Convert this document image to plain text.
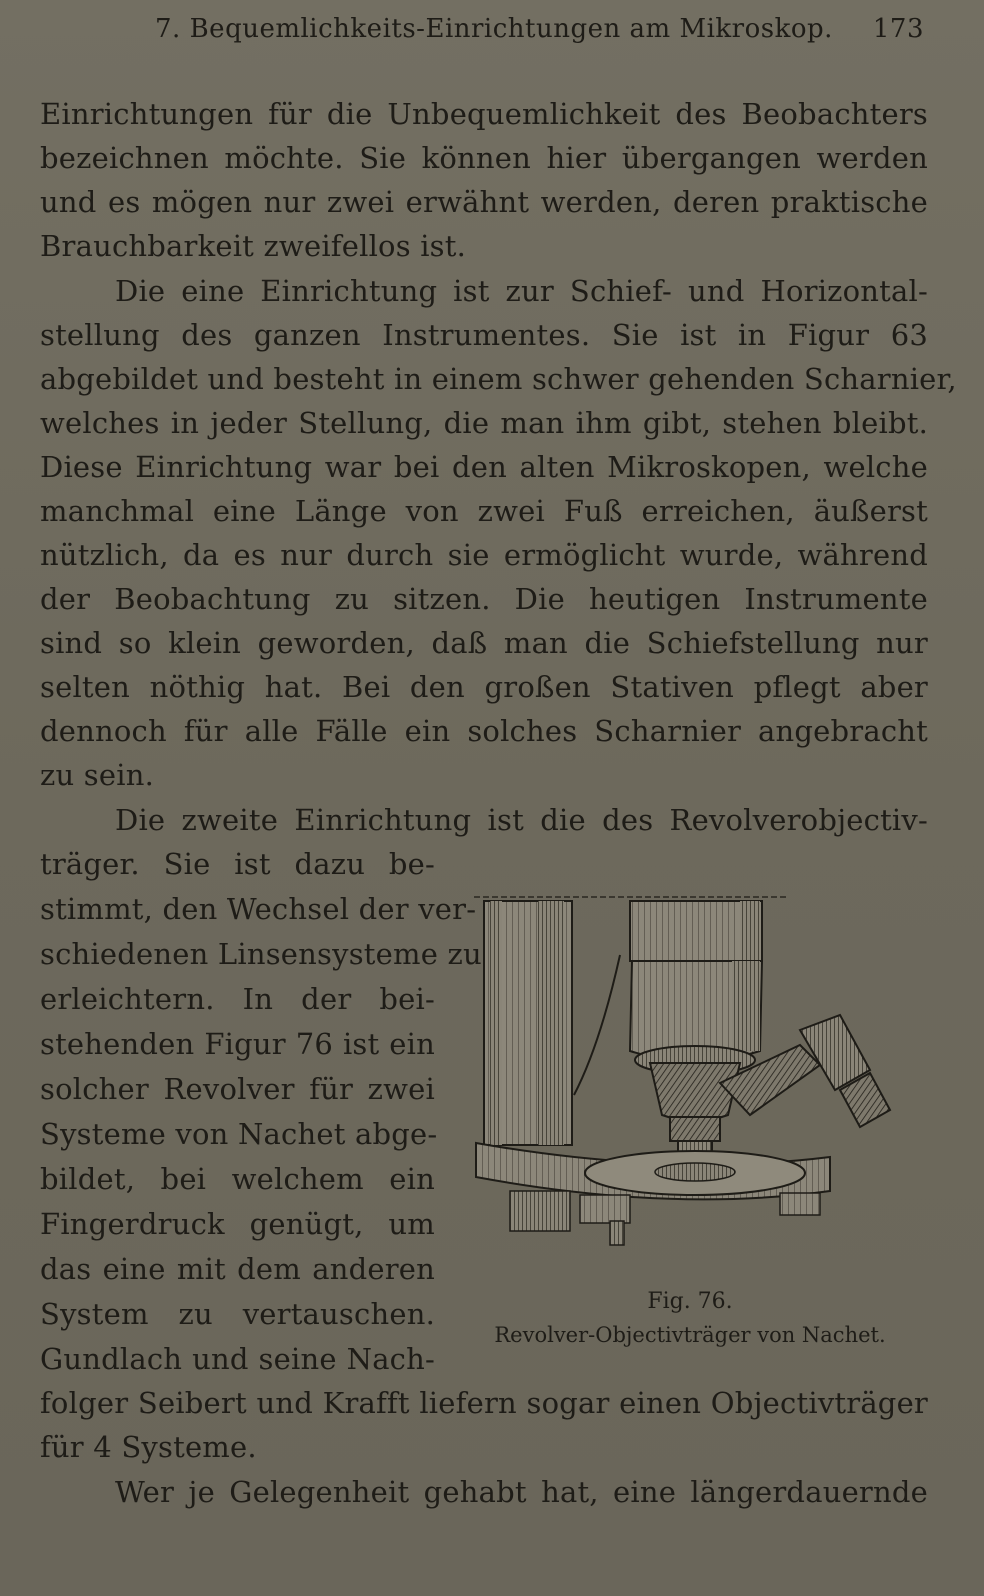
7. Bequemlichkeits-Einrichtungen am Mikroskop. 173
Einrichtungen für die Unbequemlichkeit des Beobachters
bezeichnen möchte. Sie können hier übergangen werden
und es mögen nur zwei erwähnt werden, deren praktische
Brauchbarkeit zweifellos ist.
Die eine Einrichtung ist zur Schief- und Horizontal-
stellung des ganzen Instrumentes. Sie ist in Figur 63
abgebildet und besteht in einem schwer gehenden Scharnier,
welches in jeder Stellung, die man ihm gibt, stehen bleibt.
Diese Einrichtung war bei den alten Mikroskopen, welche
manchmal eine Länge von zwei Fuß erreichen, äußerst
nützlich, da es nur durch sie ermöglicht wurde, während
der Beobachtung zu sitzen. Die heutigen Instrumente
sind so klein geworden, daß man die Schiefstellung nur
selten nöthig hat. Bei den großen Stativen pflegt aber
dennoch für alle Fälle ein solches Scharnier angebracht
zu sein.
Die zweite Einrichtung ist die des Revolverobjectiv-
träger. Sie ist dazu be-
stimmt, den Wechsel der ver-
schiedenen Linsensysteme zu
erleichtern. In der bei-
stehenden Figur 76 ist ein
solcher Revolver für zwei
Systeme von Nachet abge-
bildet, bei welchem ein
Fingerdruck genügt, um
das eine mit dem anderen
System zu vertauschen.
Gundlach und seine Nach-
folger Seibert und Krafft liefern sogar einen Objectivträger
für 4 Systeme.
Wer je Gelegenheit gehabt hat, eine längerdauernde
Fig. 76.
Revolver-Objectivträger von Nachet.
